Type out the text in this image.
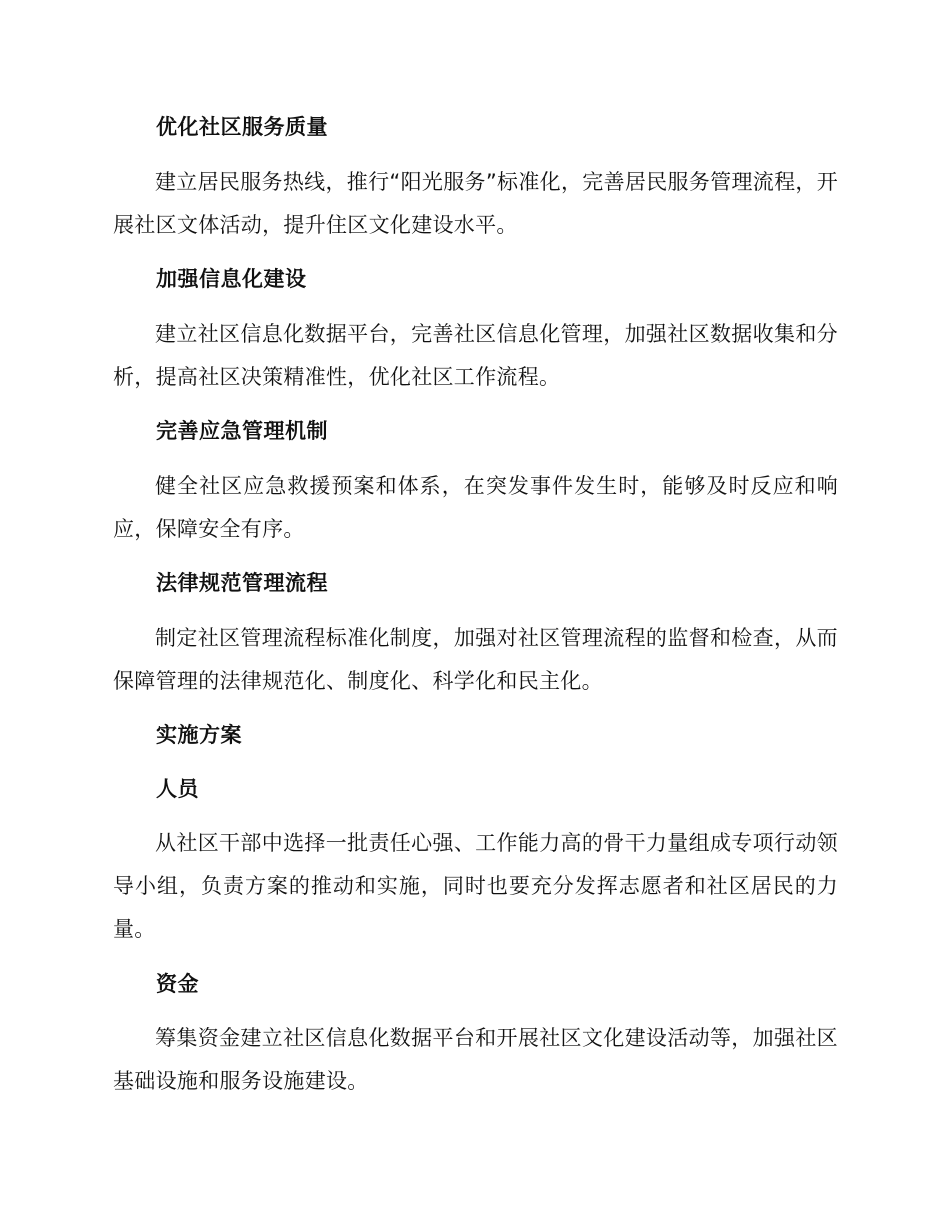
优化社区服务质量
建立居民服务热线，推行“阳光服务”标准化，完善居民服务管理流程，开展社区文体活动，提升住区文化建设水平。
加强信息化建设
建立社区信息化数据平台，完善社区信息化管理，加强社区数据收集和分析，提高社区决策精准性，优化社区工作流程。
完善应急管理机制
健全社区应急救援预案和体系，在突发事件发生时，能够及时反应和响应，保障安全有序。
法律规范管理流程
制定社区管理流程标准化制度，加强对社区管理流程的监督和检查，从而保障管理的法律规范化、制度化、科学化和民主化。
实施方案
人员
从社区干部中选择一批责任心强、工作能力高的骨干力量组成专项行动领导小组，负责方案的推动和实施，同时也要充分发挥志愿者和社区居民的力量。
资金
筹集资金建立社区信息化数据平台和开展社区文化建设活动等，加强社区基础设施和服务设施建设。
